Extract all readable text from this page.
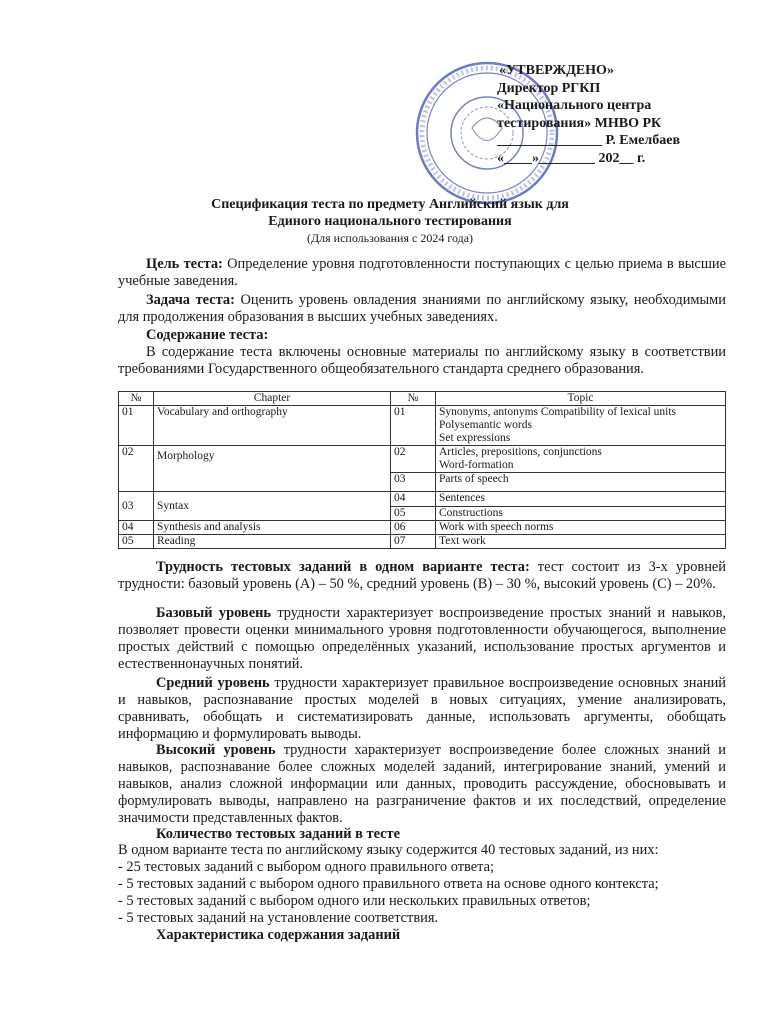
«УТВЕРЖДЕНО»
Директор РГКП
«Национального центра
тестирования» МНВО РК
_______________ Р. Емелбаев
«____»________ 202__ г.
Спецификация теста по предмету Английский язык для
Единого национального тестирования
(Для использования с 2024 года)
Цель теста: Определение уровня подготовленности поступающих с целью приема в высшие учебные заведения.
Задача теста: Оценить уровень овладения знаниями по английскому языку, необходимыми для продолжения образования в высших учебных заведениях.
Содержание теста:
В содержание теста включены основные материалы по английскому языку в соответствии требованиями Государственного общеобязательного стандарта среднего образования.
№	Chapter	№	Topic
01	Vocabulary and orthography	01	Synonyms, antonyms Compatibility of lexical units
Polysemantic words
Set expressions

02	Morphology	02	Articles, prepositions, conjunctions
Word-formation

		03	Parts of speech
03	Syntax	04	Sentences
		05	Constructions
04	Synthesis and analysis	06	Work with speech norms
05	Reading	07	Text work
Трудность тестовых заданий в одном варианте теста: тест состоит из 3-х уровней трудности: базовый уровень (А) – 50 %, средний уровень (В) – 30 %, высокий уровень (С) – 20%.
Базовый уровень трудности характеризует воспроизведение простых знаний и навыков, позволяет провести оценки минимального уровня подготовленности обучающегося, выполнение простых действий с помощью определённых указаний, использование простых аргументов и естественнонаучных понятий.
Средний уровень трудности характеризует правильное воспроизведение основных знаний и навыков, распознавание простых моделей в новых ситуациях, умение анализировать, сравнивать, обобщать и систематизировать данные, использовать аргументы, обобщать информацию и формулировать выводы.
Высокий уровень трудности характеризует воспроизведение более сложных знаний и навыков, распознавание более сложных моделей заданий, интегрирование знаний, умений и навыков, анализ сложной информации или данных, проводить рассуждение, обосновывать и формулировать выводы, направлено на разграничение фактов и их последствий, определение значимости представленных фактов.
Количество тестовых заданий в тесте
В одном варианте теста по английскому языку содержится 40 тестовых заданий, из них:
- 25 тестовых заданий с выбором одного правильного ответа;
- 5 тестовых заданий с выбором одного правильного ответа на основе одного контекста;
- 5 тестовых заданий с выбором одного или нескольких правильных ответов;
- 5 тестовых заданий на установление соответствия.
Характеристика содержания заданий
